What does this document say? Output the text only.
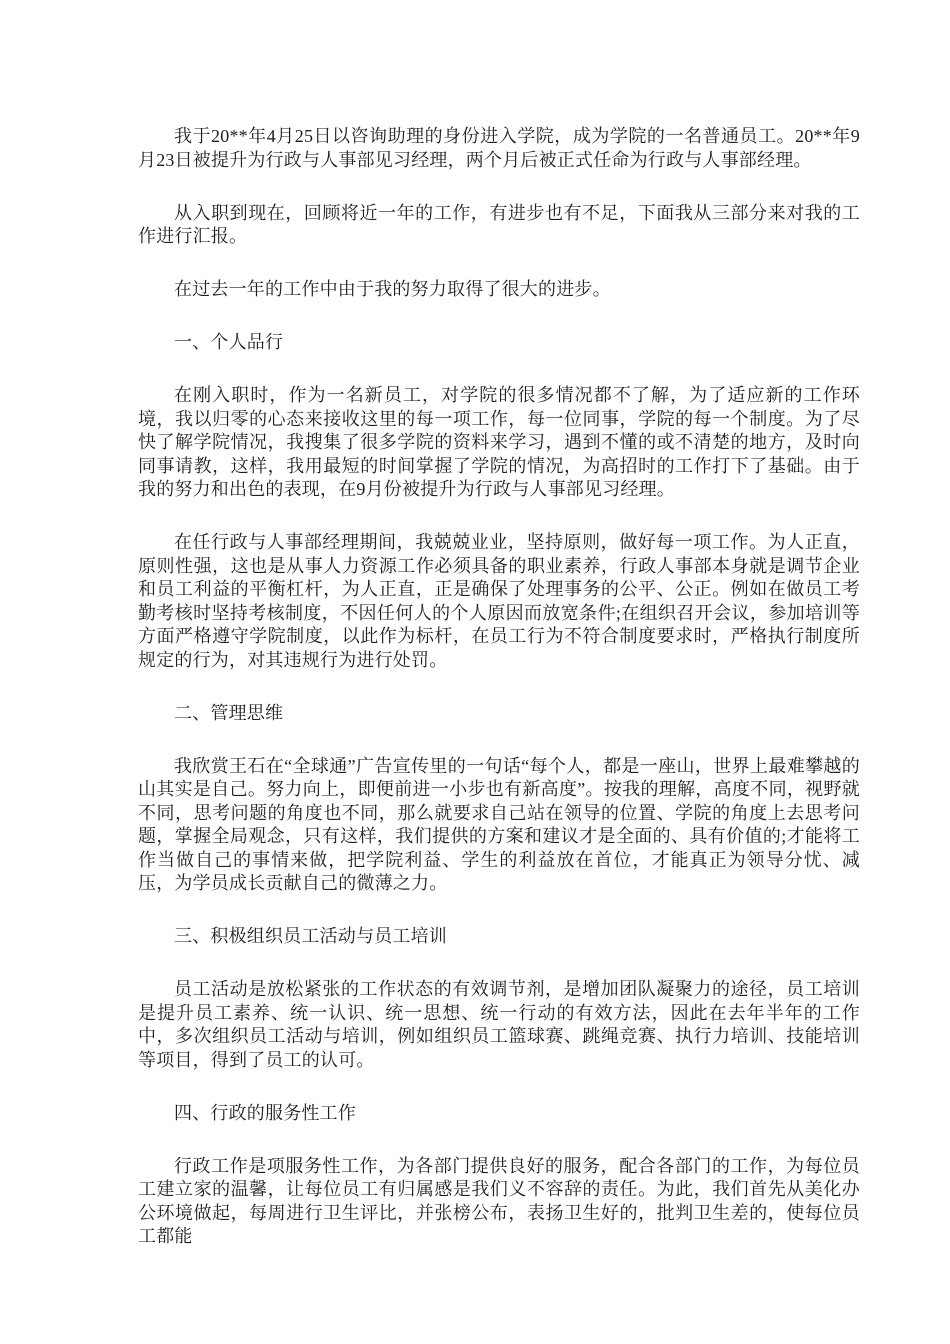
我于20**年4月25日以咨询助理的身份进入学院，成为学院的一名普通员工。20**年9月23日被提升为行政与人事部见习经理，两个月后被正式任命为行政与人事部经理。

从入职到现在，回顾将近一年的工作，有进步也有不足，下面我从三部分来对我的工作进行汇报。

在过去一年的工作中由于我的努力取得了很大的进步。

一、个人品行

在刚入职时，作为一名新员工，对学院的很多情况都不了解，为了适应新的工作环境，我以归零的心态来接收这里的每一项工作，每一位同事，学院的每一个制度。为了尽快了解学院情况，我搜集了很多学院的资料来学习，遇到不懂的或不清楚的地方，及时向同事请教，这样，我用最短的时间掌握了学院的情况，为高招时的工作打下了基础。由于我的努力和出色的表现，在9月份被提升为行政与人事部见习经理。

在任行政与人事部经理期间，我兢兢业业，坚持原则，做好每一项工作。为人正直，原则性强，这也是从事人力资源工作必须具备的职业素养，行政人事部本身就是调节企业和员工利益的平衡杠杆，为人正直，正是确保了处理事务的公平、公正。例如在做员工考勤考核时坚持考核制度，不因任何人的个人原因而放宽条件;在组织召开会议，参加培训等方面严格遵守学院制度，以此作为标杆，在员工行为不符合制度要求时，严格执行制度所规定的行为，对其违规行为进行处罚。

二、管理思维

我欣赏王石在“全球通”广告宣传里的一句话“每个人，都是一座山，世界上最难攀越的山其实是自己。努力向上，即便前进一小步也有新高度”。按我的理解，高度不同，视野就不同，思考问题的角度也不同，那么就要求自己站在领导的位置、学院的角度上去思考问题，掌握全局观念，只有这样，我们提供的方案和建议才是全面的、具有价值的;才能将工作当做自己的事情来做，把学院利益、学生的利益放在首位，才能真正为领导分忧、减压，为学员成长贡献自己的微薄之力。

三、积极组织员工活动与员工培训

员工活动是放松紧张的工作状态的有效调节剂，是增加团队凝聚力的途径，员工培训是提升员工素养、统一认识、统一思想、统一行动的有效方法，因此在去年半年的工作中，多次组织员工活动与培训，例如组织员工篮球赛、跳绳竞赛、执行力培训、技能培训等项目，得到了员工的认可。

四、行政的服务性工作

行政工作是项服务性工作，为各部门提供良好的服务，配合各部门的工作，为每位员工建立家的温馨，让每位员工有归属感是我们义不容辞的责任。为此，我们首先从美化办公环境做起，每周进行卫生评比，并张榜公布，表扬卫生好的，批判卫生差的，使每位员工都能
